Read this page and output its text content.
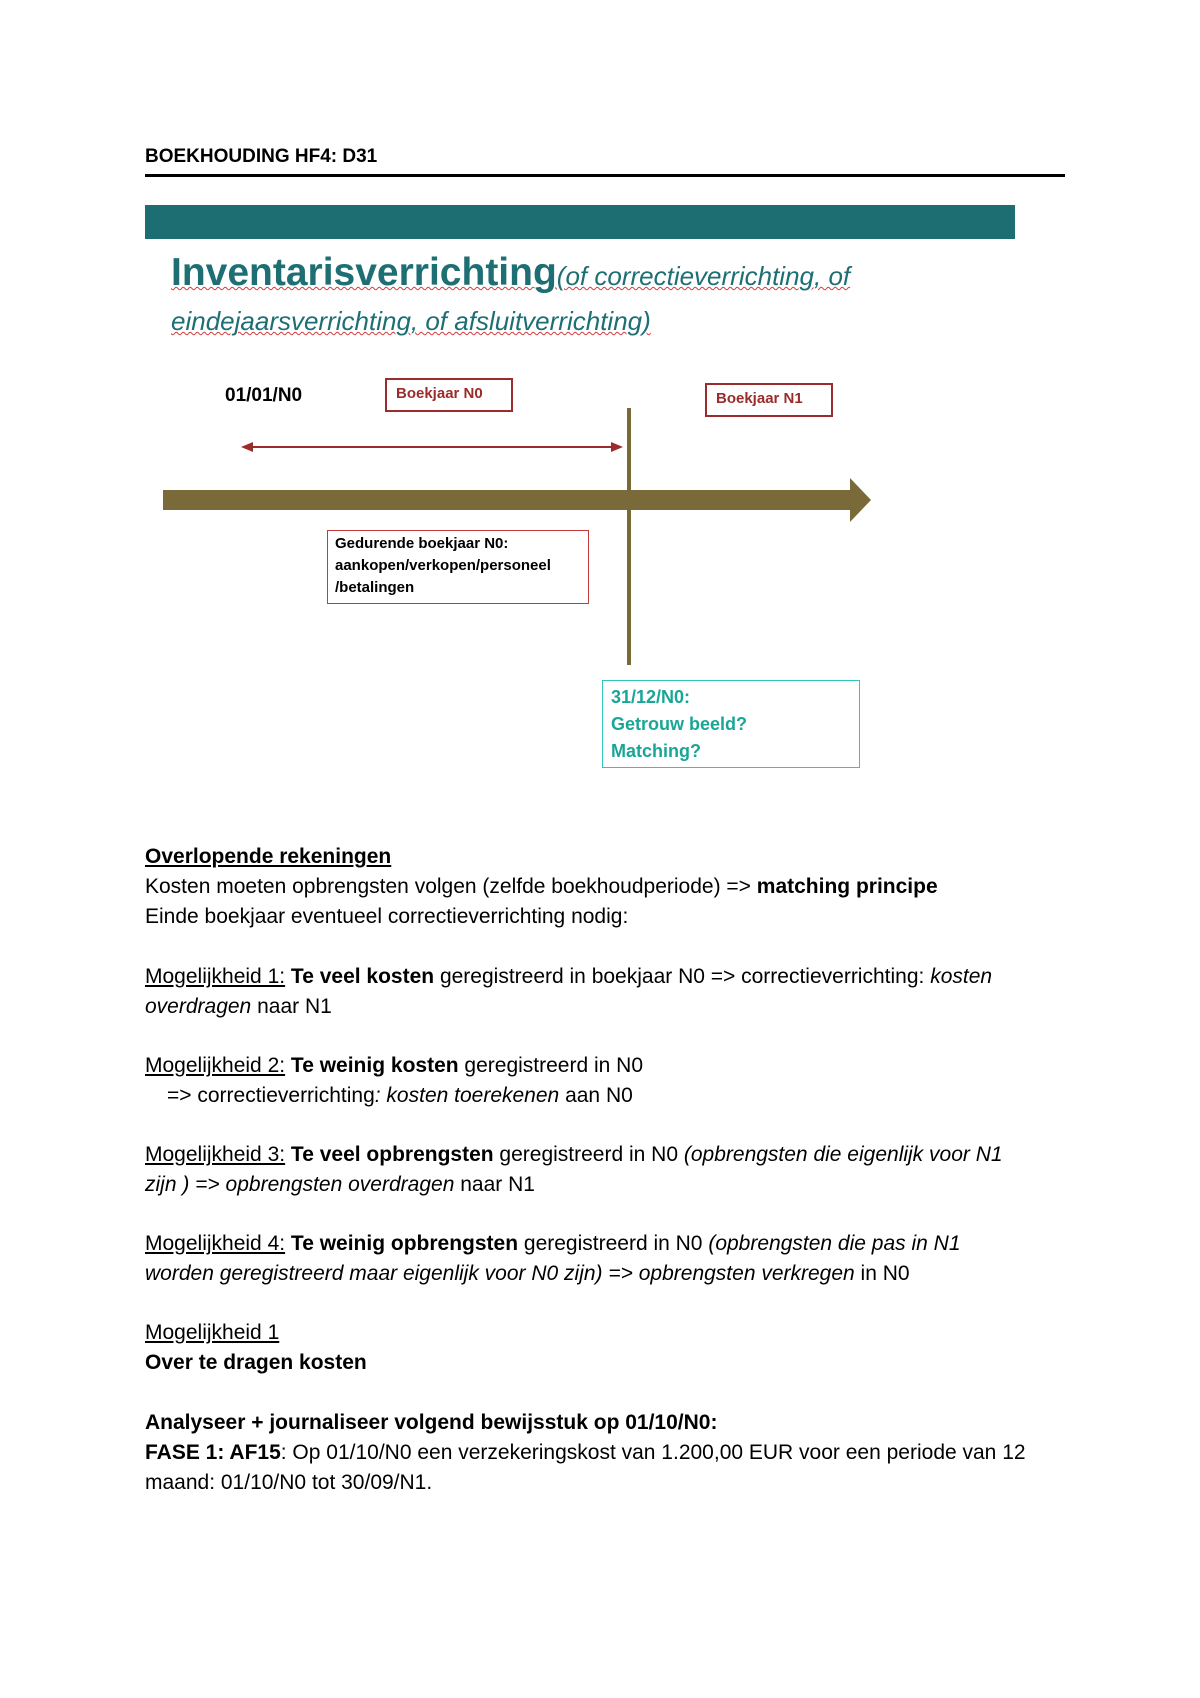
BOEKHOUDING HF4: D31
Inventarisverrichting(of correctieverrichting, of
eindejaarsverrichting, of afsluitverrichting)
01/01/N0	Boekjaar N0	Boekjaar N1
Gedurende boekjaar N0:
aankopen/verkopen/personeel
/betalingen
31/12/N0:
Getrouw beeld?
Matching?
Overlopende rekeningen
Kosten moeten opbrengsten volgen (zelfde boekhoudperiode) => matching principe
Einde boekjaar eventueel correctieverrichting nodig:
Mogelijkheid 1: Te veel kosten geregistreerd in boekjaar N0 => correctieverrichting: kosten
overdragen naar N1
Mogelijkheid 2: Te weinig kosten geregistreerd in N0
=> correctieverrichting: kosten toerekenen aan N0
Mogelijkheid 3: Te veel opbrengsten geregistreerd in N0 (opbrengsten die eigenlijk voor N1
zijn ) => opbrengsten overdragen naar N1
Mogelijkheid 4: Te weinig opbrengsten geregistreerd in N0 (opbrengsten die pas in N1
worden geregistreerd maar eigenlijk voor N0 zijn) => opbrengsten verkregen in N0
Mogelijkheid 1
Over te dragen kosten
Analyseer + journaliseer volgend bewijsstuk op 01/10/N0:
FASE 1: AF15: Op 01/10/N0 een verzekeringskost van 1.200,00 EUR voor een periode van 12
maand: 01/10/N0 tot 30/09/N1.
